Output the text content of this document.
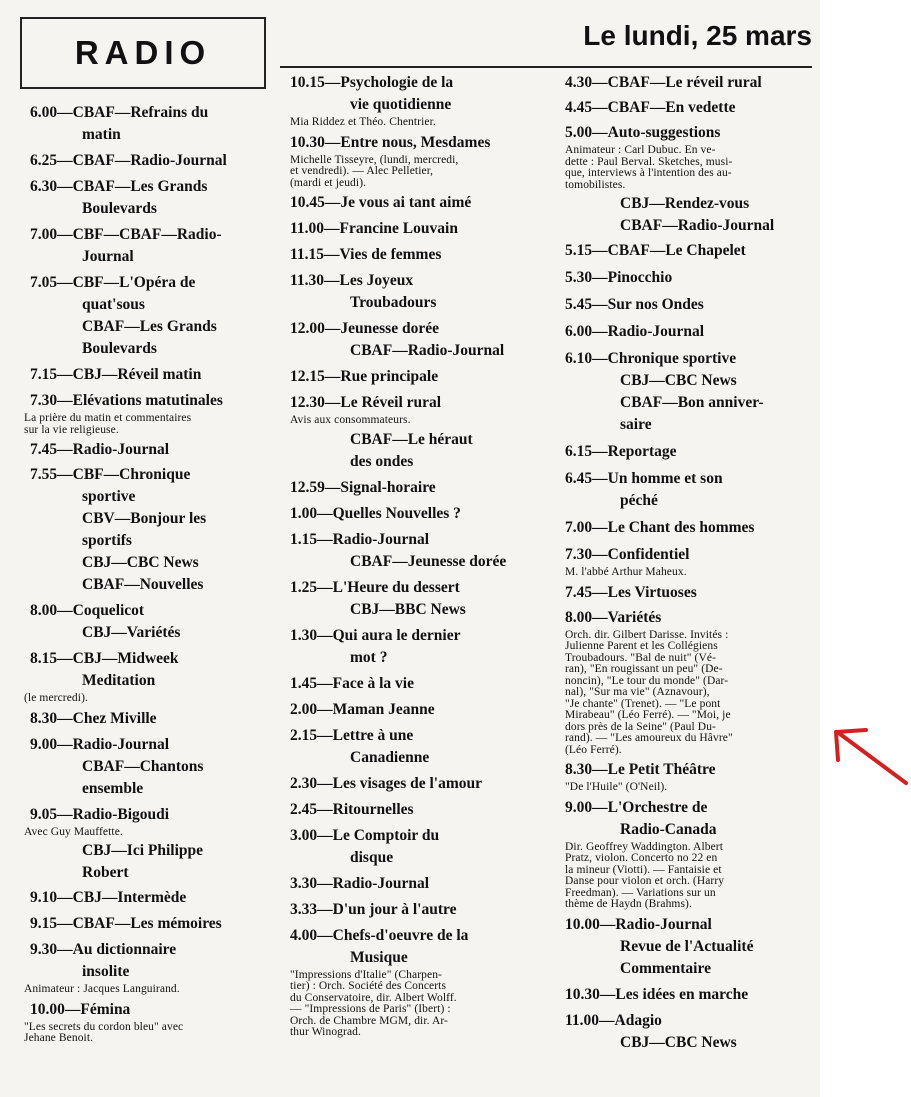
RADIO	Le lundi, 25 mars
6.00—CBAF—Refrains du
matin
6.25—CBAF—Radio-Journal
6.30—CBAF—Les Grands
Boulevards
7.00—CBF—CBAF—Radio-
Journal
7.05—CBF—L'Opéra de
quat'sous
CBAF—Les Grands
Boulevards
7.15—CBJ—Réveil matin
7.30—Elévations matutinales
La prière du matin et commentaires
sur la vie religieuse.
7.45—Radio-Journal
7.55—CBF—Chronique
sportive
CBV—Bonjour les
sportifs
CBJ—CBC News
CBAF—Nouvelles
8.00—Coquelicot
CBJ—Variétés
8.15—CBJ—Midweek
Meditation
(le mercredi).
8.30—Chez Miville
9.00—Radio-Journal
CBAF—Chantons
ensemble
9.05—Radio-Bigoudi
Avec Guy Mauffette.
CBJ—Ici Philippe
Robert
9.10—CBJ—Intermède
9.15—CBAF—Les mémoires
9.30—Au dictionnaire
insolite
Animateur : Jacques Languirand.
10.00—Fémina
"Les secrets du cordon bleu" avec
Jehane Benoit.
10.15—Psychologie de la
vie quotidienne
Mia Riddez et Théo. Chentrier.
10.30—Entre nous, Mesdames
Michelle Tisseyre, (lundi, mercredi,
et vendredi). — Alec Pelletier,
(mardi et jeudi).
10.45—Je vous ai tant aimé
11.00—Francine Louvain
11.15—Vies de femmes
11.30—Les Joyeux
Troubadours
12.00—Jeunesse dorée
CBAF—Radio-Journal
12.15—Rue principale
12.30—Le Réveil rural
Avis aux consommateurs.
CBAF—Le héraut
des ondes
12.59—Signal-horaire
1.00—Quelles Nouvelles ?
1.15—Radio-Journal
CBAF—Jeunesse dorée
1.25—L'Heure du dessert
CBJ—BBC News
1.30—Qui aura le dernier
mot ?
1.45—Face à la vie
2.00—Maman Jeanne
2.15—Lettre à une
Canadienne
2.30—Les visages de l'amour
2.45—Ritournelles
3.00—Le Comptoir du
disque
3.30—Radio-Journal
3.33—D'un jour à l'autre
4.00—Chefs-d'oeuvre de la
Musique
"Impressions d'Italie" (Charpen-
tier) : Orch. Société des Concerts
du Conservatoire, dir. Albert Wolff.
— "Impressions de Paris" (Ibert) :
Orch. de Chambre MGM, dir. Ar-
thur Winograd.
4.30—CBAF—Le réveil rural
4.45—CBAF—En vedette
5.00—Auto-suggestions
Animateur : Carl Dubuc. En ve-
dette : Paul Berval. Sketches, musi-
que, interviews à l'intention des au-
tomobilistes.
CBJ—Rendez-vous
CBAF—Radio-Journal
5.15—CBAF—Le Chapelet
5.30—Pinocchio
5.45—Sur nos Ondes
6.00—Radio-Journal
6.10—Chronique sportive
CBJ—CBC News
CBAF—Bon anniver-
saire
6.15—Reportage
6.45—Un homme et son
péché
7.00—Le Chant des hommes
7.30—Confidentiel
M. l'abbé Arthur Maheux.
7.45—Les Virtuoses
8.00—Variétés
Orch. dir. Gilbert Darisse. Invités :
Julienne Parent et les Collégiens
Troubadours. "Bal de nuit" (Vé-
ran), "En rougissant un peu" (De-
noncin), "Le tour du monde" (Dar-
nal), "Sur ma vie" (Aznavour),
"Je chante" (Trenet). — "Le pont
Mirabeau" (Léo Ferré). — "Moi, je
dors près de la Seine" (Paul Du-
rand). — "Les amoureux du Hâvre"
(Léo Ferré).
8.30—Le Petit Théâtre
"De l'Huile" (O'Neil).
9.00—L'Orchestre de
Radio-Canada
Dir. Geoffrey Waddington. Albert
Pratz, violon. Concerto no 22 en
la mineur (Viotti). — Fantaisie et
Danse pour violon et orch. (Harry
Freedman). — Variations sur un
thème de Haydn (Brahms).
10.00—Radio-Journal
Revue de l'Actualité
Commentaire
10.30—Les idées en marche
11.00—Adagio
CBJ—CBC News
